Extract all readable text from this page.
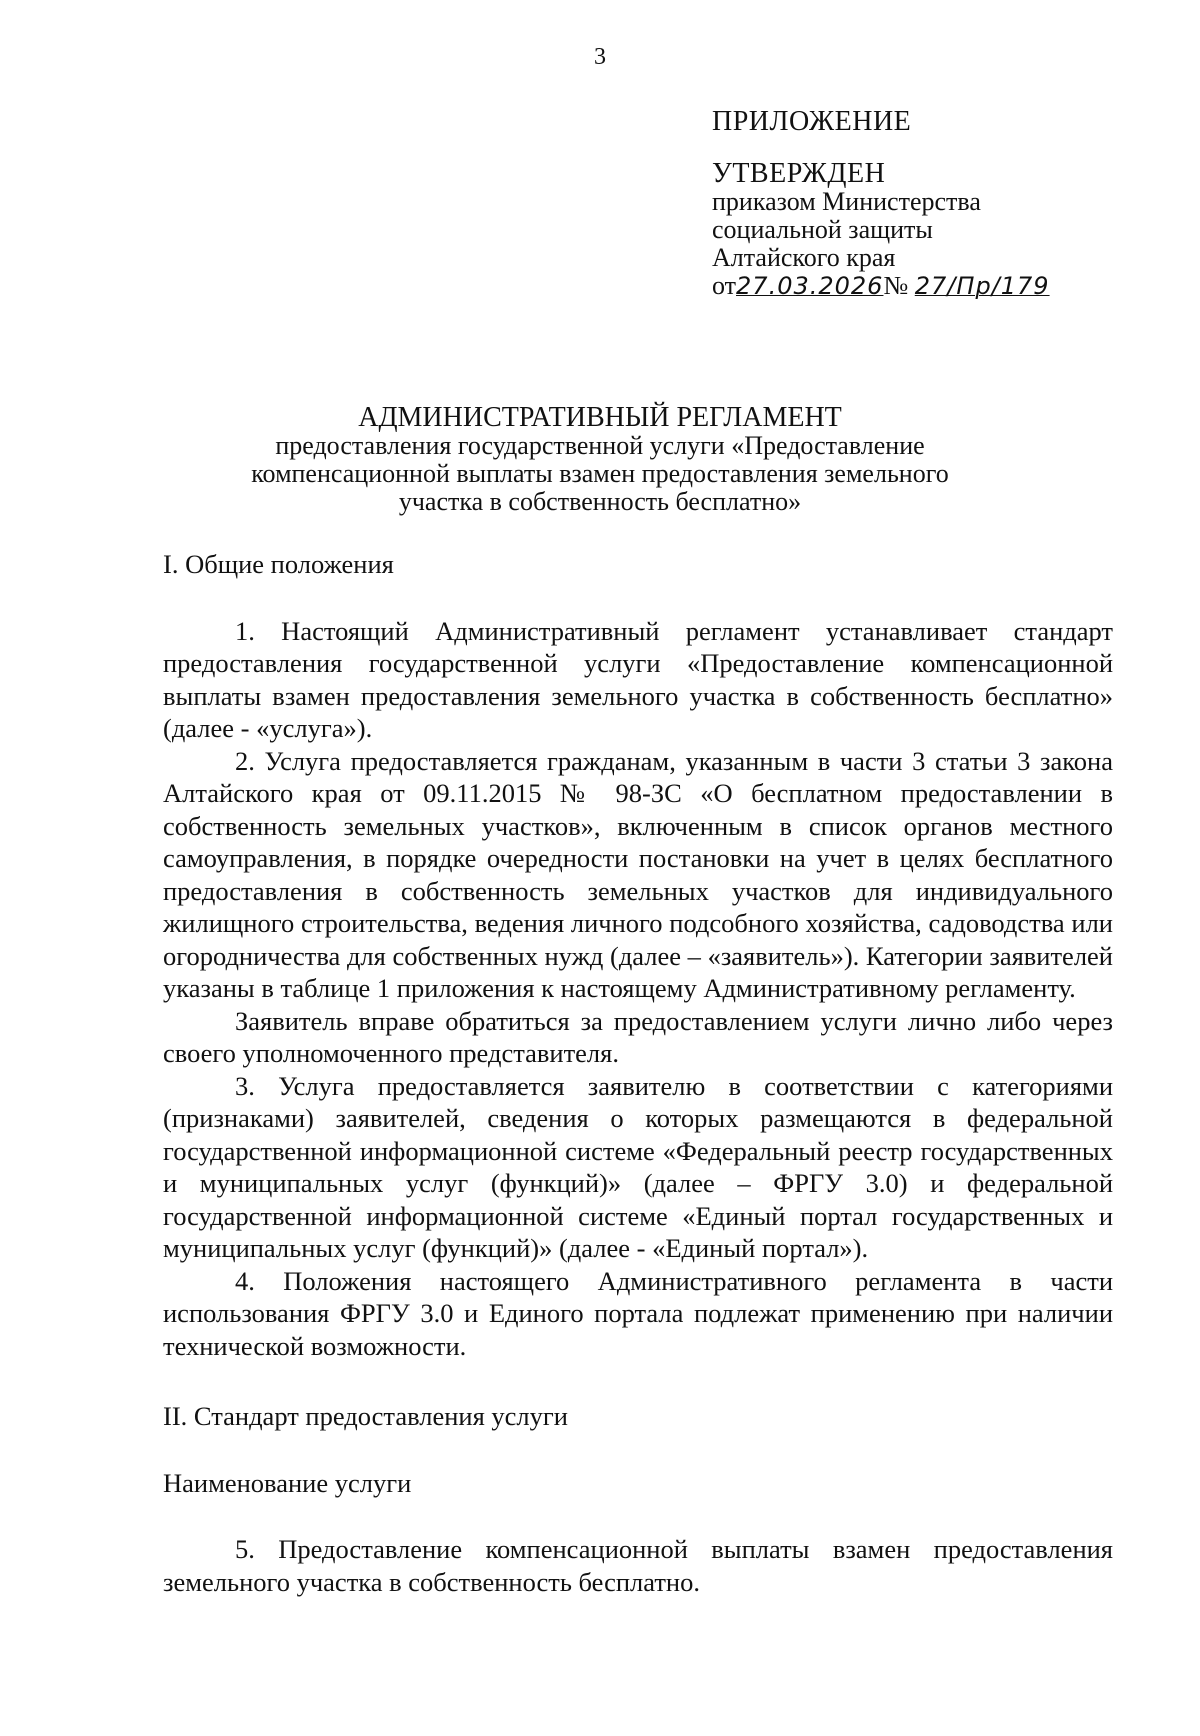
3
ПРИЛОЖЕНИЕ
УТВЕРЖДЕН
приказом Министерства
социальной защиты
Алтайского края
от27.03.2026№ 27/Пр/179
АДМИНИСТРАТИВНЫЙ РЕГЛАМЕНТ
предоставления государственной услуги «Предоставление
компенсационной выплаты взамен предоставления земельного
участка в собственность бесплатно»

I. Общие положения

1. Настоящий Административный регламент устанавливает стандарт предоставления государственной услуги «Предоставление компенсационной выплаты взамен предоставления земельного участка в собственность бесплатно» (далее - «услуга»).

2. Услуга предоставляется гражданам, указанным в части 3 статьи 3 закона Алтайского края от 09.11.2015 № 98-ЗС «О бесплатном предоставлении в собственность земельных участков», включенным в список органов местного самоуправления, в порядке очередности постановки на учет в целях бесплатного предоставления в собственность земельных участков для индивидуального жилищного строительства, ведения личного подсобного хозяйства, садоводства или огородничества для собственных нужд (далее – «заявитель»). Категории заявителей указаны в таблице 1 приложения к настоящему Административному регламенту.

Заявитель вправе обратиться за предоставлением услуги лично либо через своего уполномоченного представителя.

3. Услуга предоставляется заявителю в соответствии с категориями (признаками) заявителей, сведения о которых размещаются в федеральной государственной информационной системе «Федеральный реестр государственных и муниципальных услуг (функций)» (далее – ФРГУ 3.0) и федеральной государственной информационной системе «Единый портал государственных и муниципальных услуг (функций)» (далее - «Единый портал»).

4. Положения настоящего Административного регламента в части использования ФРГУ 3.0 и Единого портала подлежат применению при наличии технической возможности.

II. Стандарт предоставления услуги

Наименование услуги

5. Предоставление компенсационной выплаты взамен предоставления земельного участка в собственность бесплатно.
